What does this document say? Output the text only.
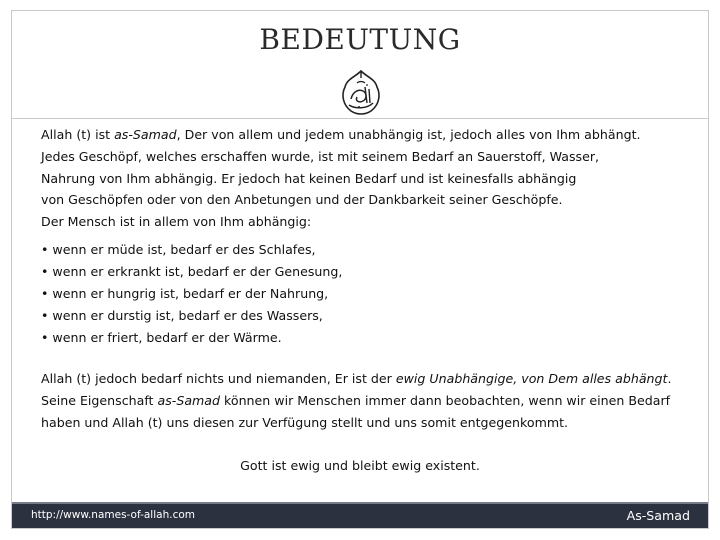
BEDEUTUNG

Allah (t) ist as-Samad, Der von allem und jedem unabhängig ist, jedoch alles von Ihm abhängt.

Jedes Geschöpf, welches erschaffen wurde, ist mit seinem Bedarf an Sauerstoff, Wasser,

Nahrung von Ihm abhängig. Er jedoch hat keinen Bedarf und ist keinesfalls abhängig

von Geschöpfen oder von den Anbetungen und der Dankbarkeit seiner Geschöpfe.

Der Mensch ist in allem von Ihm abhängig:

• wenn er müde ist, bedarf er des Schlafes,
• wenn er erkrankt ist, bedarf er der Genesung,
• wenn er hungrig ist, bedarf er der Nahrung,
• wenn er durstig ist, bedarf er des Wassers,
• wenn er friert, bedarf er der Wärme.

Allah (t) jedoch bedarf nichts und niemanden, Er ist der ewig Unabhängige, von Dem alles abhängt.

Seine Eigenschaft as-Samad können wir Menschen immer dann beobachten, wenn wir einen Bedarf

haben und Allah (t) uns diesen zur Verfügung stellt und uns somit entgegenkommt.

Gott ist ewig und bleibt ewig existent.
http://www.names-of-allah.com	As-Samad
